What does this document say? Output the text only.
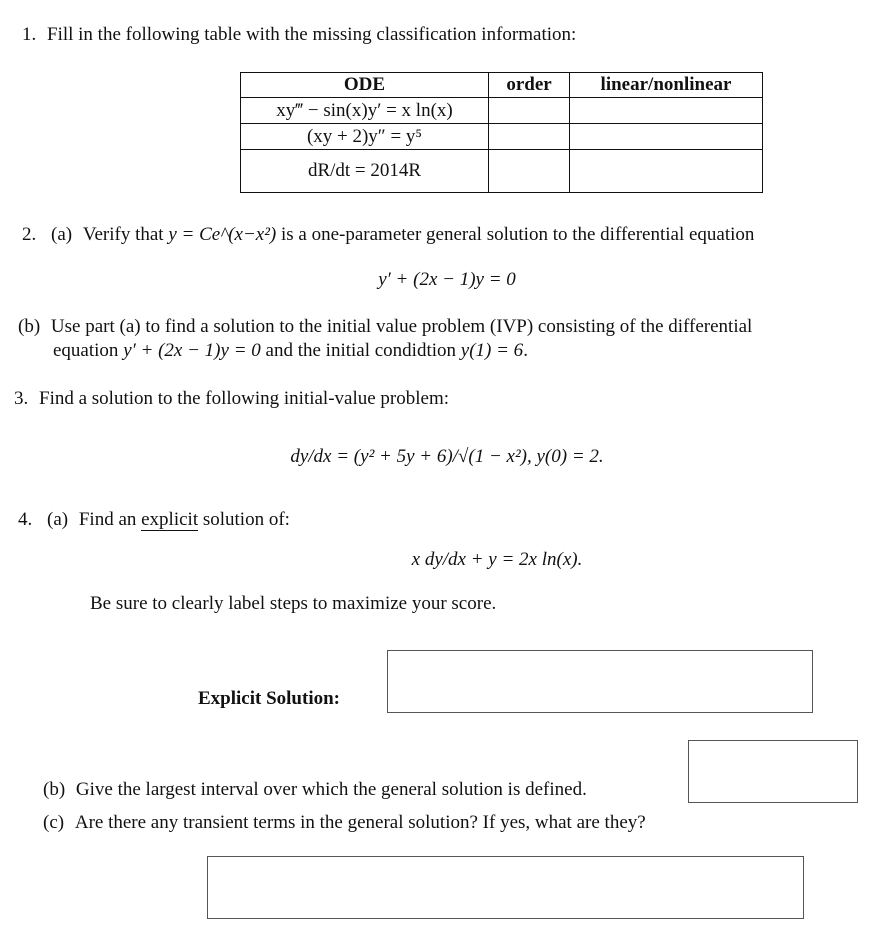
1. Fill in the following table with the missing classification information:
ODE	order	linear/nonlinear
xy‴ − sin(x)y′ = x ln(x)		
(xy + 2)y″ = y⁵		
dR/dt = 2014R		
2. (a) Verify that y = Ce^(x−x²) is a one-parameter general solution to the differential equation
y′ + (2x − 1)y = 0
(b) Use part (a) to find a solution to the initial value problem (IVP) consisting of the differential
equation y′ + (2x − 1)y = 0 and the initial condidtion y(1) = 6.
3. Find a solution to the following initial-value problem:
dy/dx = (y² + 5y + 6)/√(1 − x²), y(0) = 2.
4. (a) Find an explicit solution of:
x dy/dx + y = 2x ln(x).
Be sure to clearly label steps to maximize your score.
Explicit Solution:
(b) Give the largest interval over which the general solution is defined.
(c) Are there any transient terms in the general solution? If yes, what are they?
